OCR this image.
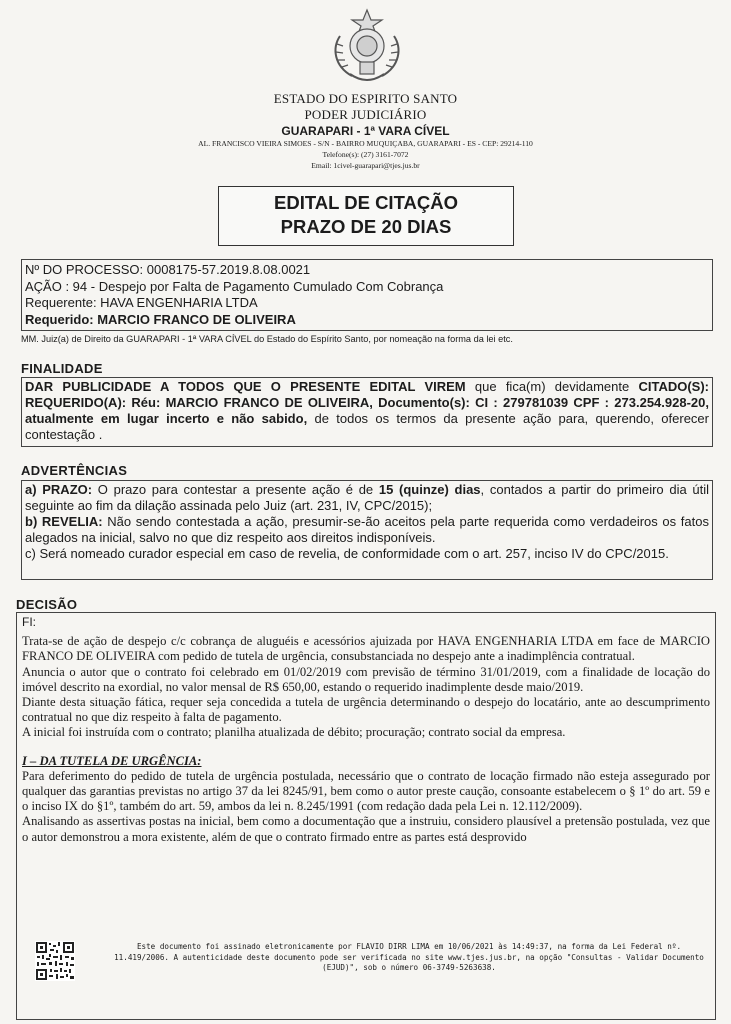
ESTADO DO ESPIRITO SANTO
PODER JUDICIÁRIO
GUARAPARI - 1ª VARA CÍVEL
AL. FRANCISCO VIEIRA SIMOES - S/N - BAIRRO MUQUIÇABA, GUARAPARI - ES - CEP: 29214-110
Telefone(s): (27) 3161-7072
Email: 1civel-guarapari@tjes.jus.br
EDITAL DE CITAÇÃO
PRAZO DE 20 DIAS
Nº DO PROCESSO: 0008175-57.2019.8.08.0021
AÇÃO : 94 - Despejo por Falta de Pagamento Cumulado Com Cobrança
Requerente: HAVA ENGENHARIA LTDA
Requerido: MARCIO FRANCO DE OLIVEIRA
MM. Juiz(a) de Direito da GUARAPARI - 1ª VARA CÍVEL do Estado do Espírito Santo, por nomeação na forma da lei etc.
FINALIDADE
DAR PUBLICIDADE A TODOS QUE O PRESENTE EDITAL VIREM que fica(m) devidamente CITADO(S): REQUERIDO(A): Réu: MARCIO FRANCO DE OLIVEIRA, Documento(s): CI : 279781039 CPF : 273.254.928-20, atualmente em lugar incerto e não sabido, de todos os termos da presente ação para, querendo, oferecer contestação .
ADVERTÊNCIAS
a) PRAZO: O prazo para contestar a presente ação é de 15 (quinze) dias, contados a partir do primeiro dia útil seguinte ao fim da dilação assinada pelo Juiz (art. 231, IV, CPC/2015);
b) REVELIA: Não sendo contestada a ação, presumir-se-ão aceitos pela parte requerida como verdadeiros os fatos alegados na inicial, salvo no que diz respeito aos direitos indisponíveis.
c) Será nomeado curador especial em caso de revelia, de conformidade com o art. 257, inciso IV do CPC/2015.
DECISÃO

FI:

Trata-se de ação de despejo c/c cobrança de aluguéis e acessórios ajuizada por HAVA ENGENHARIA LTDA em face de MARCIO FRANCO DE OLIVEIRA com pedido de tutela de urgência, consubstanciada no despejo ante a inadimplência contratual.

Anuncia o autor que o contrato foi celebrado em 01/02/2019 com previsão de término 31/01/2019, com a finalidade de locação do imóvel descrito na exordial, no valor mensal de R$ 650,00, estando o requerido inadimplente desde maio/2019.

Diante desta situação fática, requer seja concedida a tutela de urgência determinando o despejo do locatário, ante ao descumprimento contratual no que diz respeito à falta de pagamento.

A inicial foi instruída com o contrato; planilha atualizada de débito; procuração; contrato social da empresa.

I – DA TUTELA DE URGÊNCIA:

Para deferimento do pedido de tutela de urgência postulada, necessário que o contrato de locação firmado não esteja assegurado por qualquer das garantias previstas no artigo 37 da lei 8245/91, bem como o autor preste caução, consoante estabelecem o § 1º do art. 59 e o inciso IX do §1º, também do art. 59, ambos da lei n. 8.245/1991 (com redação dada pela Lei n. 12.112/2009).

Analisando as assertivas postas na inicial, bem como a documentação que a instruiu, considero plausível a pretensão postulada, vez que o autor demonstrou a mora existente, além de que o contrato firmado entre as partes está desprovido

Este documento foi assinado eletronicamente por FLAVIO DIRR LIMA em 10/06/2021 às 14:49:37, na forma da Lei Federal nº. 11.419/2006. A autenticidade deste documento pode ser verificada no site www.tjes.jus.br, na opção "Consultas - Validar Documento (EJUD)", sob o número 06-3749-5263638.
